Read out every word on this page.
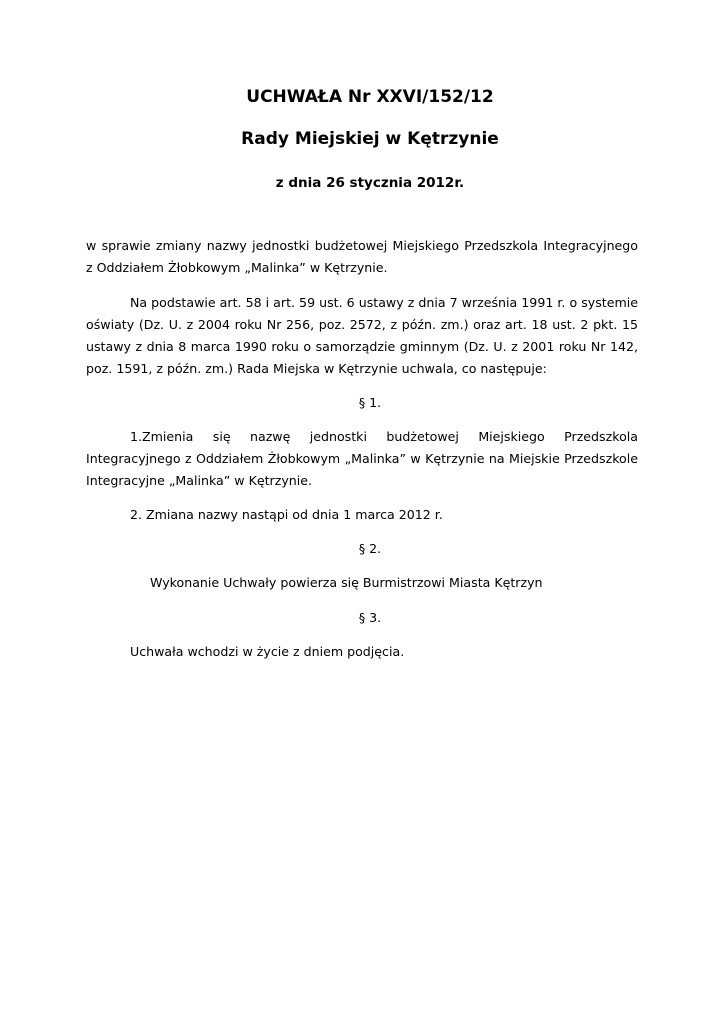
UCHWAŁA Nr XXVI/152/12
Rady Miejskiej w Kętrzynie

z dnia 26 stycznia 2012r.

w sprawie zmiany nazwy jednostki budżetowej Miejskiego Przedszkola Integracyjnego z Oddziałem Żłobkowym „Malinka” w Kętrzynie.

Na podstawie art. 58 i art. 59 ust. 6 ustawy z dnia 7 września 1991 r. o systemie oświaty (Dz. U. z 2004 roku Nr 256, poz. 2572, z późn. zm.) oraz art. 18 ust. 2 pkt. 15 ustawy z dnia 8 marca 1990 roku o samorządzie gminnym (Dz. U. z 2001 roku Nr 142, poz. 1591, z późn. zm.) Rada Miejska w Kętrzynie uchwala, co następuje:

§ 1.

1.Zmienia się nazwę jednostki budżetowej Miejskiego Przedszkola Integracyjnego z Oddziałem Żłobkowym „Malinka” w Kętrzynie na Miejskie Przedszkole Integracyjne „Malinka” w Kętrzynie.

2. Zmiana nazwy nastąpi od dnia 1 marca 2012 r.

§ 2.

Wykonanie Uchwały powierza się Burmistrzowi Miasta Kętrzyn

§ 3.

Uchwała wchodzi w życie z dniem podjęcia.
